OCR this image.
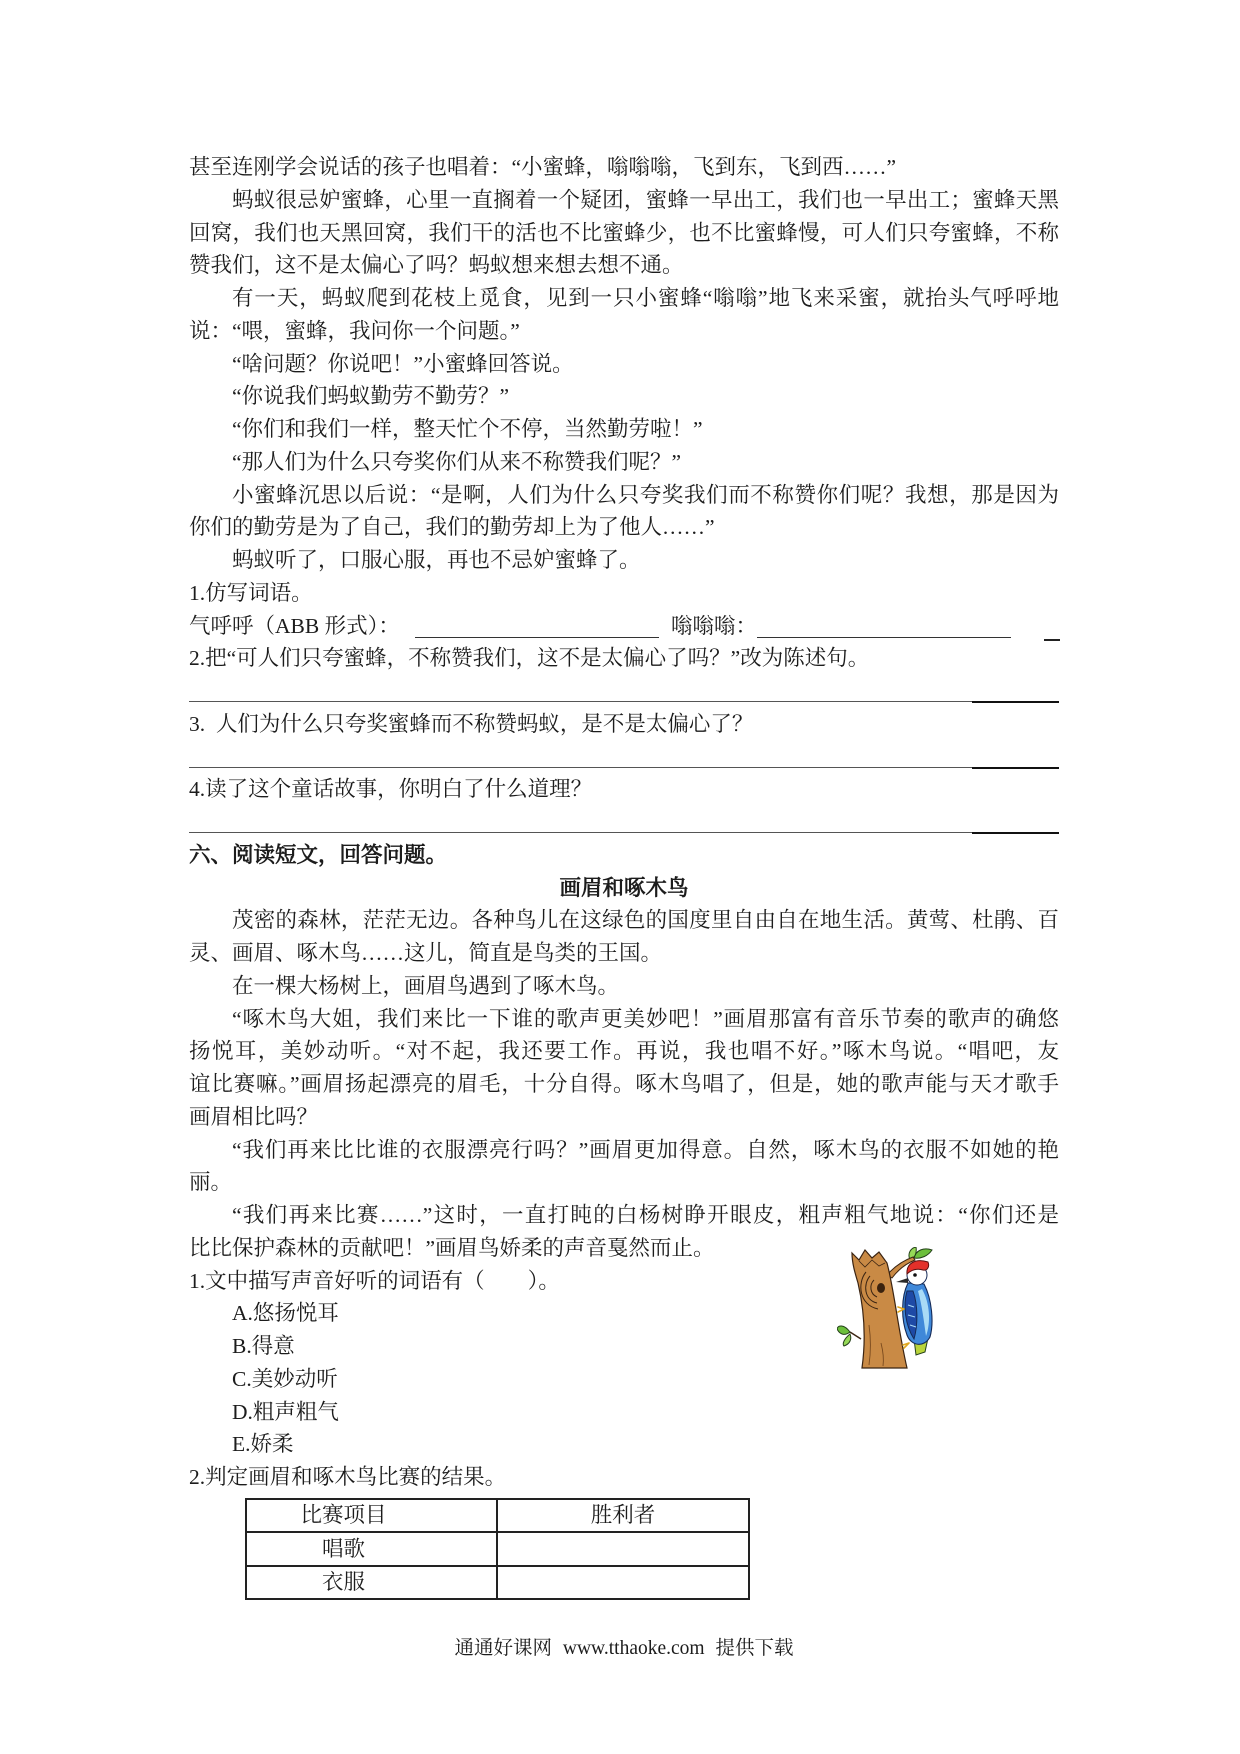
甚至连刚学会说话的孩子也唱着：“小蜜蜂，嗡嗡嗡，飞到东，飞到西……”
蚂蚁很忌妒蜜蜂，心里一直搁着一个疑团，蜜蜂一早出工，我们也一早出工；蜜蜂天黑
回窝，我们也天黑回窝，我们干的活也不比蜜蜂少，也不比蜜蜂慢，可人们只夸蜜蜂，不称
赞我们，这不是太偏心了吗？蚂蚁想来想去想不通。
有一天，蚂蚁爬到花枝上觅食，见到一只小蜜蜂“嗡嗡”地飞来采蜜，就抬头气呼呼地
说：“喂，蜜蜂，我问你一个问题。”
“啥问题？你说吧！”小蜜蜂回答说。
“你说我们蚂蚁勤劳不勤劳？”
“你们和我们一样，整天忙个不停，当然勤劳啦！”
“那人们为什么只夸奖你们从来不称赞我们呢？”
小蜜蜂沉思以后说：“是啊，人们为什么只夸奖我们而不称赞你们呢？我想，那是因为
你们的勤劳是为了自己，我们的勤劳却上为了他人……”
蚂蚁听了，口服心服，再也不忌妒蜜蜂了。
1.仿写词语。
气呼呼（ABB 形式）：	嗡嗡嗡：
2.把“可人们只夸蜜蜂，不称赞我们，这不是太偏心了吗？”改为陈述句。
3.  人们为什么只夸奖蜜蜂而不称赞蚂蚁，是不是太偏心了？
4.读了这个童话故事，你明白了什么道理？
六、阅读短文，回答问题。
画眉和啄木鸟
茂密的森林，茫茫无边。各种鸟儿在这绿色的国度里自由自在地生活。黄莺、杜鹃、百
灵、画眉、啄木鸟……这儿，简直是鸟类的王国。
在一棵大杨树上，画眉鸟遇到了啄木鸟。
“啄木鸟大姐，我们来比一下谁的歌声更美妙吧！”画眉那富有音乐节奏的歌声的确悠
扬悦耳，美妙动听。“对不起，我还要工作。再说，我也唱不好。”啄木鸟说。“唱吧，友
谊比赛嘛。”画眉扬起漂亮的眉毛，十分自得。啄木鸟唱了，但是，她的歌声能与天才歌手
画眉相比吗？
“我们再来比比谁的衣服漂亮行吗？”画眉更加得意。自然，啄木鸟的衣服不如她的艳
丽。
“我们再来比赛……”这时，一直打盹的白杨树睁开眼皮，粗声粗气地说：“你们还是
比比保护森林的贡献吧！”画眉鸟娇柔的声音戛然而止。
1.文中描写声音好听的词语有（        ）。
A.悠扬悦耳
B.得意
C.美妙动听
D.粗声粗气
E.娇柔
2.判定画眉和啄木鸟比赛的结果。
比赛项目	胜利者
唱歌	
衣服	
通通好课网 www.tthaoke.com 提供下载
